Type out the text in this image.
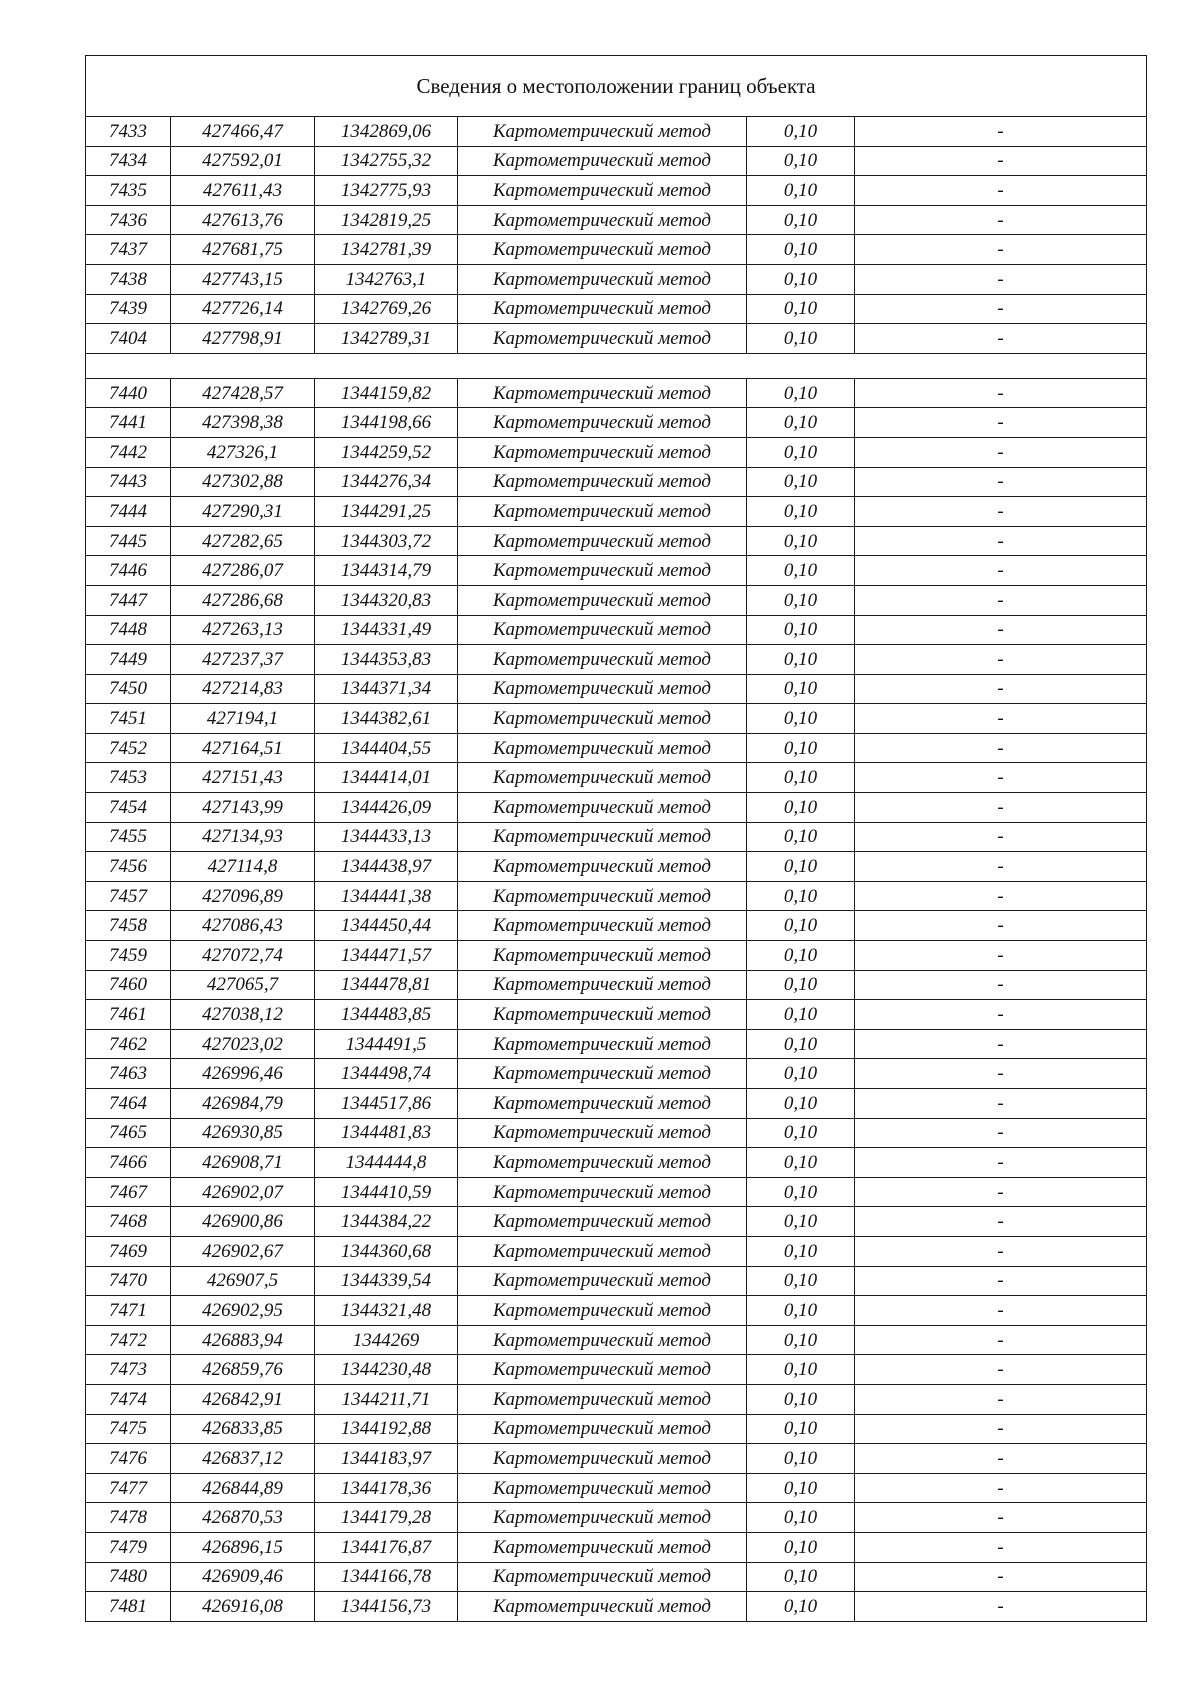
Сведения о местоположении границ объекта					
7433	427466,47	1342869,06	Картометрический метод	0,10	-
7434	427592,01	1342755,32	Картометрический метод	0,10	-
7435	427611,43	1342775,93	Картометрический метод	0,10	-
7436	427613,76	1342819,25	Картометрический метод	0,10	-
7437	427681,75	1342781,39	Картометрический метод	0,10	-
7438	427743,15	1342763,1	Картометрический метод	0,10	-
7439	427726,14	1342769,26	Картометрический метод	0,10	-
7404	427798,91	1342789,31	Картометрический метод	0,10	-

7440	427428,57	1344159,82	Картометрический метод	0,10	-
7441	427398,38	1344198,66	Картометрический метод	0,10	-
7442	427326,1	1344259,52	Картометрический метод	0,10	-
7443	427302,88	1344276,34	Картометрический метод	0,10	-
7444	427290,31	1344291,25	Картометрический метод	0,10	-
7445	427282,65	1344303,72	Картометрический метод	0,10	-
7446	427286,07	1344314,79	Картометрический метод	0,10	-
7447	427286,68	1344320,83	Картометрический метод	0,10	-
7448	427263,13	1344331,49	Картометрический метод	0,10	-
7449	427237,37	1344353,83	Картометрический метод	0,10	-
7450	427214,83	1344371,34	Картометрический метод	0,10	-
7451	427194,1	1344382,61	Картометрический метод	0,10	-
7452	427164,51	1344404,55	Картометрический метод	0,10	-
7453	427151,43	1344414,01	Картометрический метод	0,10	-
7454	427143,99	1344426,09	Картометрический метод	0,10	-
7455	427134,93	1344433,13	Картометрический метод	0,10	-
7456	427114,8	1344438,97	Картометрический метод	0,10	-
7457	427096,89	1344441,38	Картометрический метод	0,10	-
7458	427086,43	1344450,44	Картометрический метод	0,10	-
7459	427072,74	1344471,57	Картометрический метод	0,10	-
7460	427065,7	1344478,81	Картометрический метод	0,10	-
7461	427038,12	1344483,85	Картометрический метод	0,10	-
7462	427023,02	1344491,5	Картометрический метод	0,10	-
7463	426996,46	1344498,74	Картометрический метод	0,10	-
7464	426984,79	1344517,86	Картометрический метод	0,10	-
7465	426930,85	1344481,83	Картометрический метод	0,10	-
7466	426908,71	1344444,8	Картометрический метод	0,10	-
7467	426902,07	1344410,59	Картометрический метод	0,10	-
7468	426900,86	1344384,22	Картометрический метод	0,10	-
7469	426902,67	1344360,68	Картометрический метод	0,10	-
7470	426907,5	1344339,54	Картометрический метод	0,10	-
7471	426902,95	1344321,48	Картометрический метод	0,10	-
7472	426883,94	1344269	Картометрический метод	0,10	-
7473	426859,76	1344230,48	Картометрический метод	0,10	-
7474	426842,91	1344211,71	Картометрический метод	0,10	-
7475	426833,85	1344192,88	Картометрический метод	0,10	-
7476	426837,12	1344183,97	Картометрический метод	0,10	-
7477	426844,89	1344178,36	Картометрический метод	0,10	-
7478	426870,53	1344179,28	Картометрический метод	0,10	-
7479	426896,15	1344176,87	Картометрический метод	0,10	-
7480	426909,46	1344166,78	Картометрический метод	0,10	-
7481	426916,08	1344156,73	Картометрический метод	0,10	-
